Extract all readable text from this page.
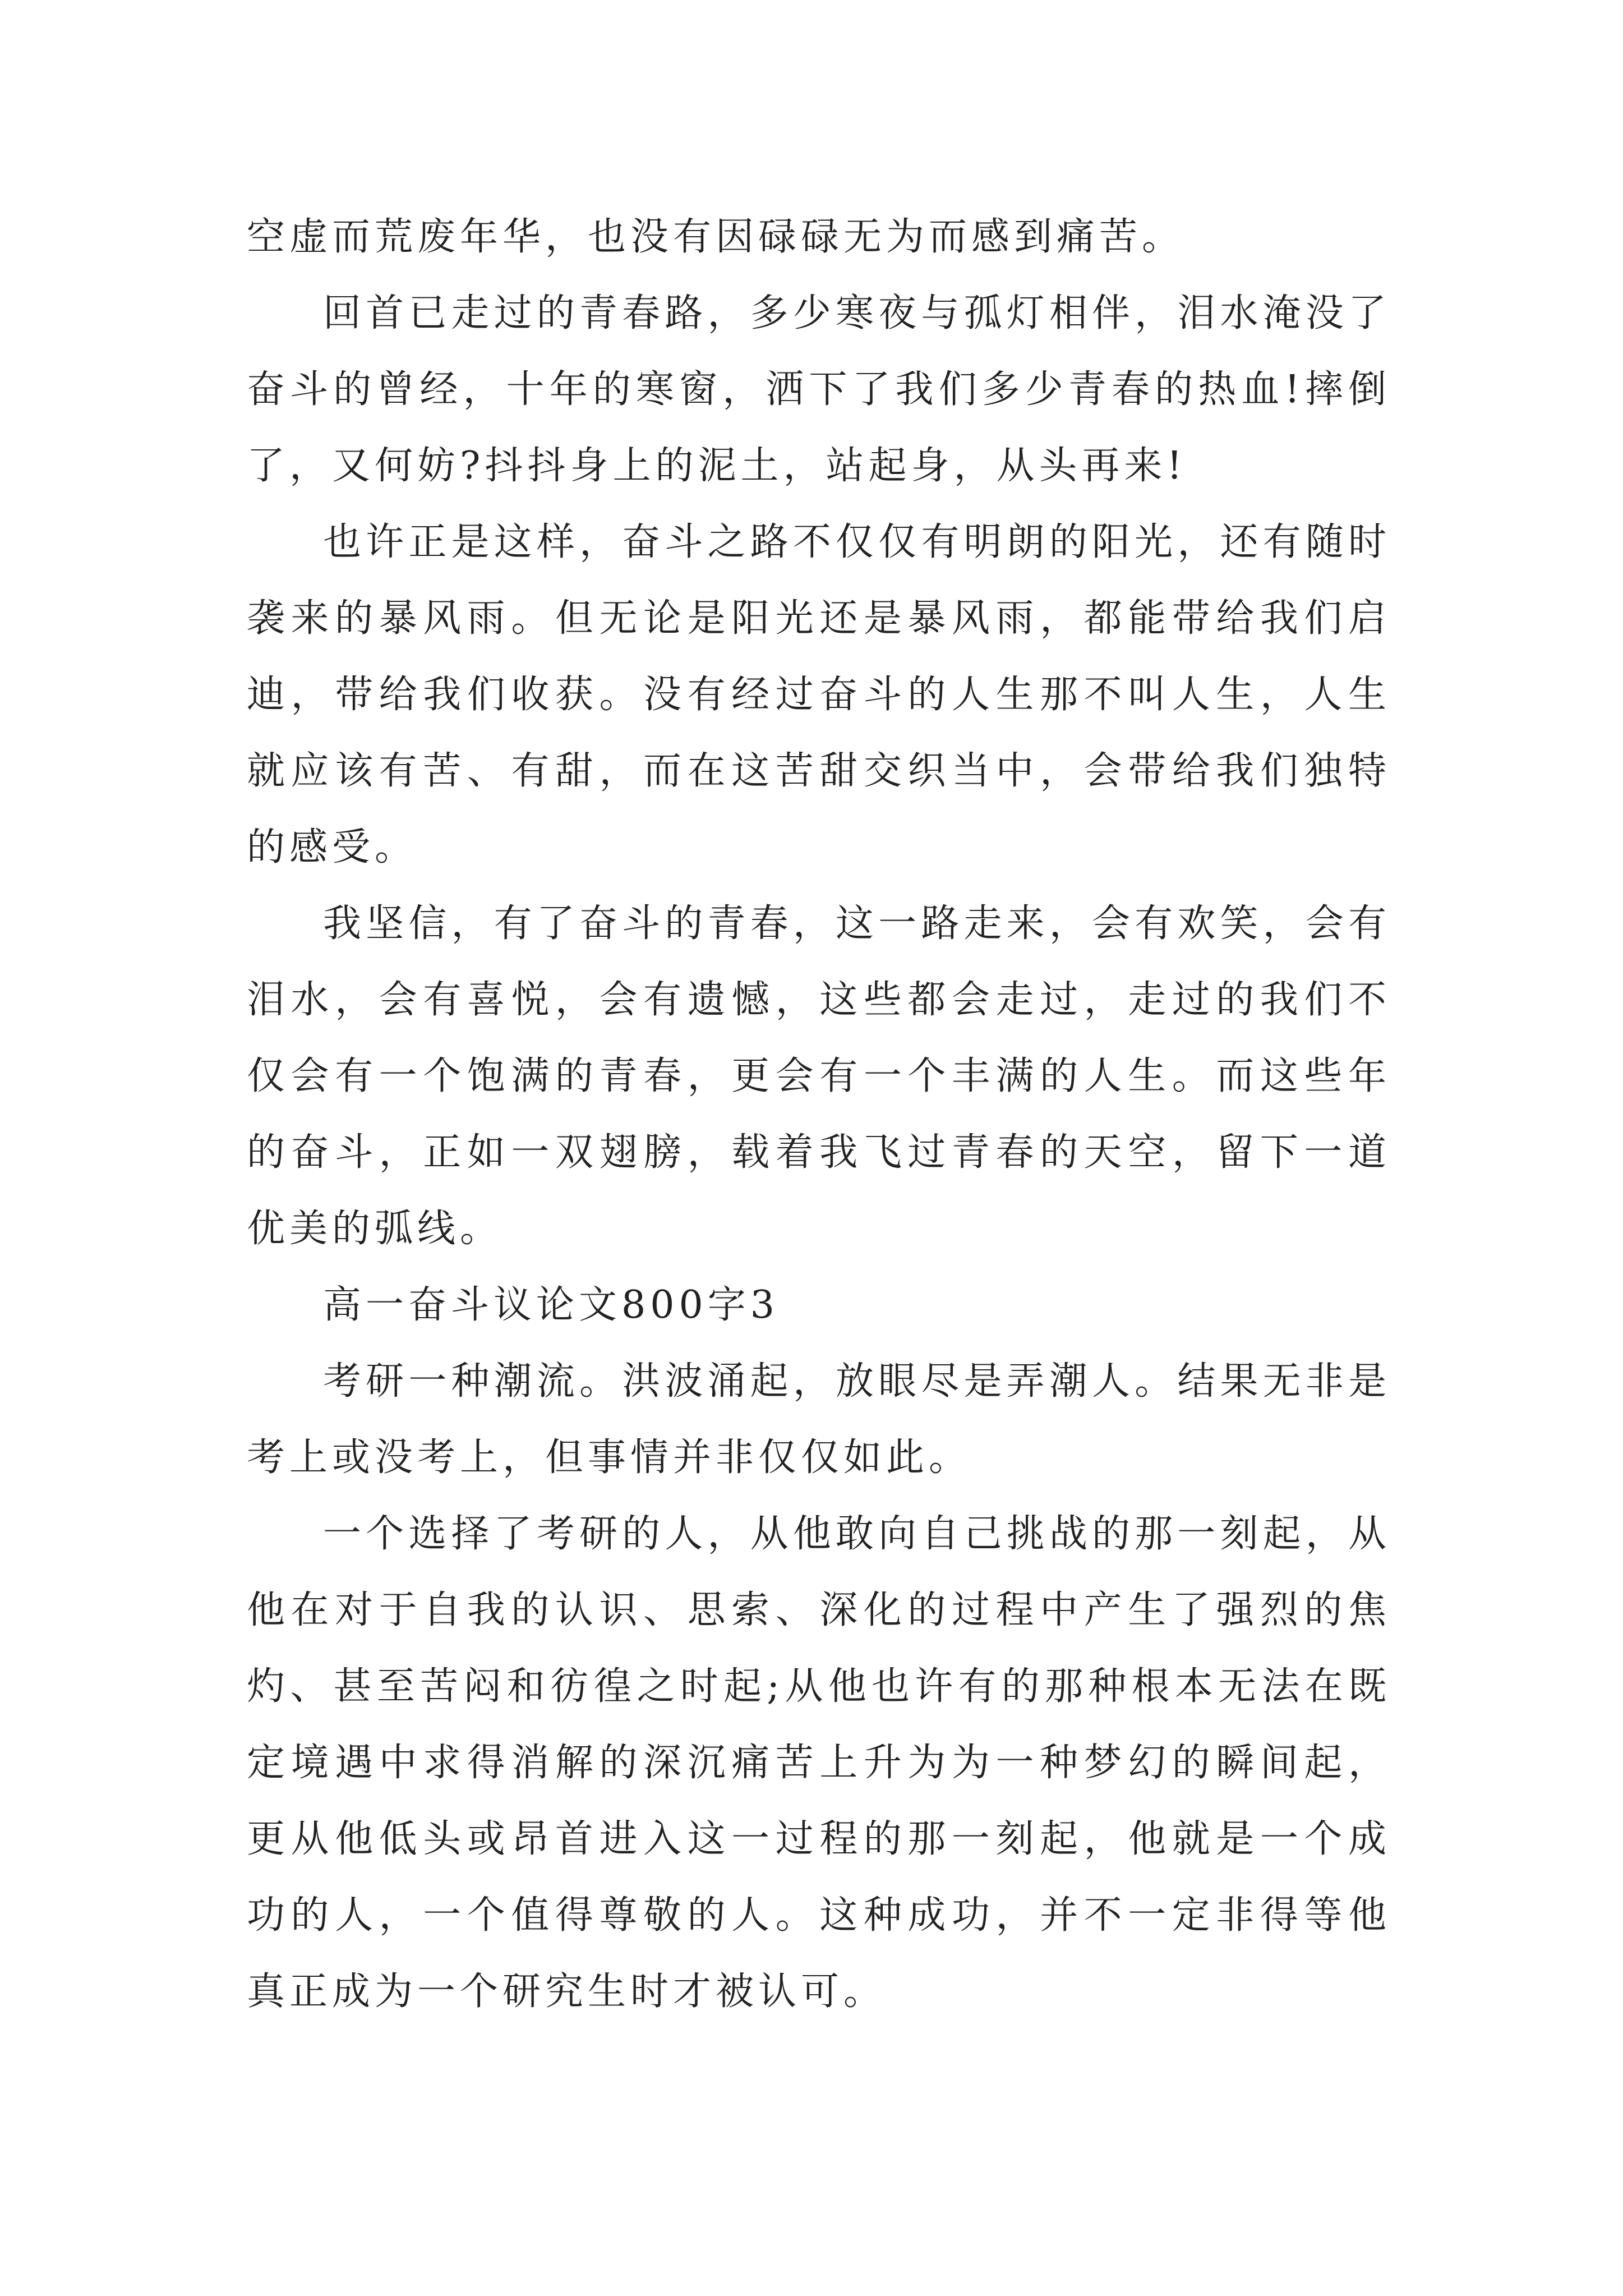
空虚而荒废年华，也没有因碌碌无为而感到痛苦。

回首已走过的青春路，多少寒夜与孤灯相伴，泪水淹没了奋斗的曾经，十年的寒窗，洒下了我们多少青春的热血!摔倒了，又何妨?抖抖身上的泥土，站起身，从头再来!

也许正是这样，奋斗之路不仅仅有明朗的阳光，还有随时袭来的暴风雨。但无论是阳光还是暴风雨，都能带给我们启迪，带给我们收获。没有经过奋斗的人生那不叫人生，人生就应该有苦、有甜，而在这苦甜交织当中，会带给我们独特的感受。

我坚信，有了奋斗的青春，这一路走来，会有欢笑，会有泪水，会有喜悦，会有遗憾，这些都会走过，走过的我们不仅会有一个饱满的青春，更会有一个丰满的人生。而这些年的奋斗，正如一双翅膀，载着我飞过青春的天空，留下一道优美的弧线。

高一奋斗议论文800字3

考研一种潮流。洪波涌起，放眼尽是弄潮人。结果无非是考上或没考上，但事情并非仅仅如此。

一个选择了考研的人，从他敢向自己挑战的那一刻起，从他在对于自我的认识、思索、深化的过程中产生了强烈的焦灼、甚至苦闷和彷徨之时起;从他也许有的那种根本无法在既定境遇中求得消解的深沉痛苦上升为为一种梦幻的瞬间起，更从他低头或昂首进入这一过程的那一刻起，他就是一个成功的人，一个值得尊敬的人。这种成功，并不一定非得等他真正成为一个研究生时才被认可。
